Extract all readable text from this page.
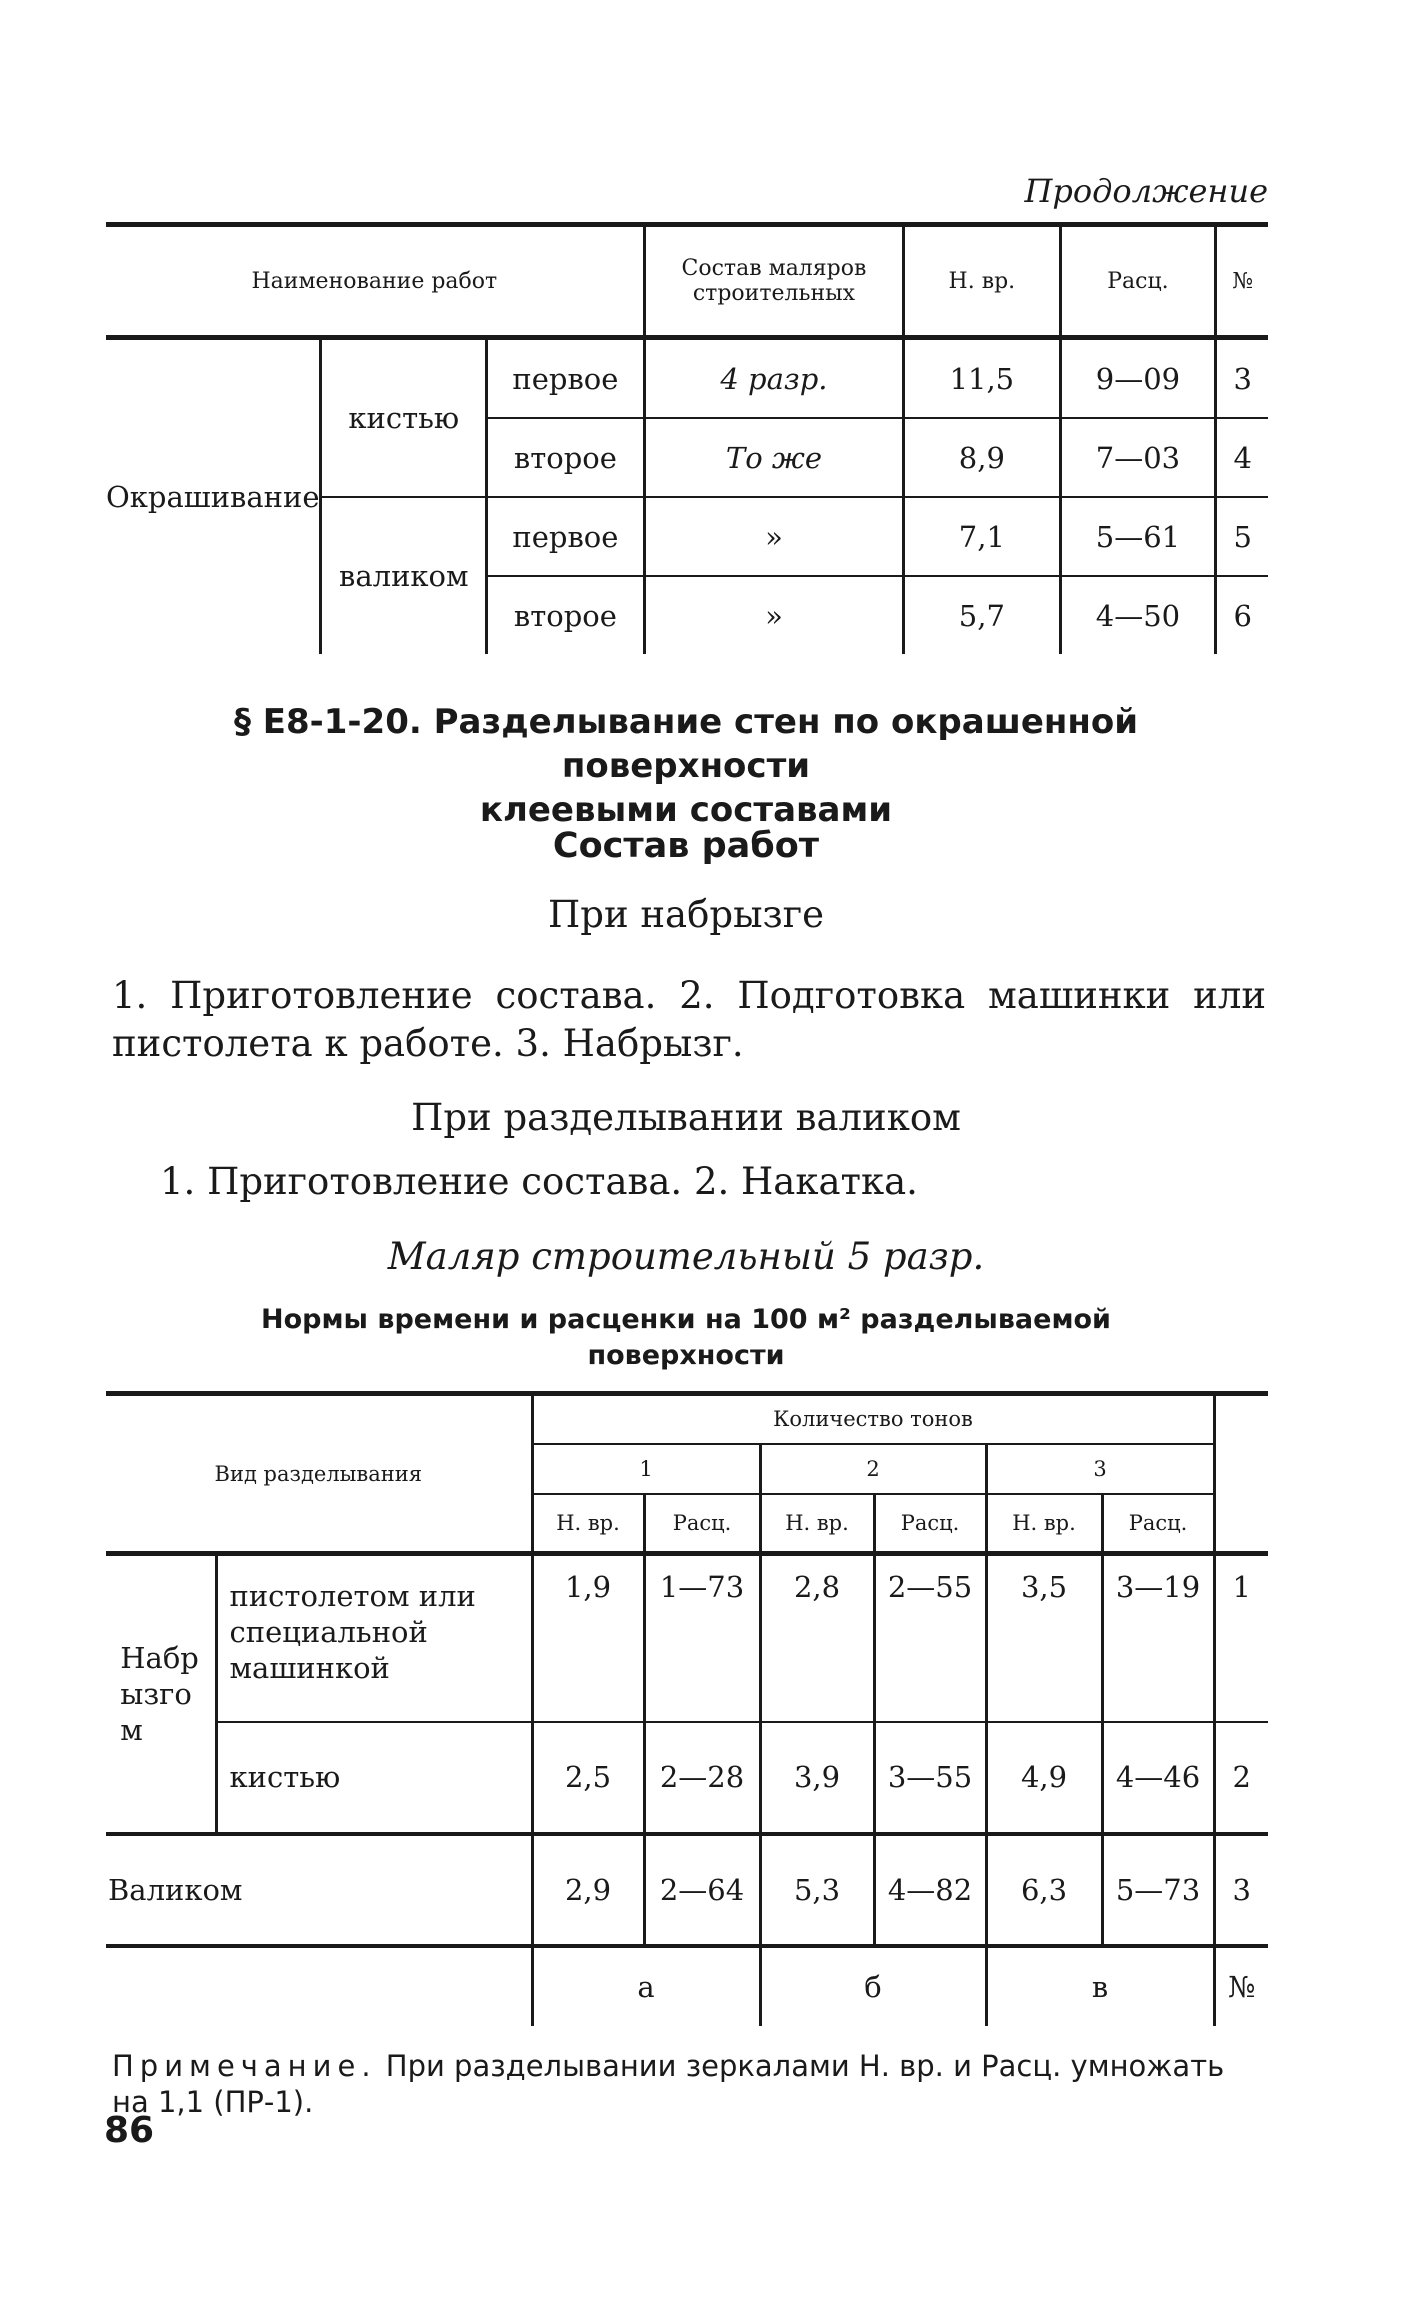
Продолжение
Наименование работ			Состав маляров строительных	Н. вр.	Расц.	№
Окрашивание	кистью	первое	4 разр.	11,5	9—09	3
		второе	То же	8,9	7—03	4
	валиком	первое	»	7,1	5—61	5
		второе	»	5,7	4—50	6
§ Е8-1-20. Разделывание стен по окрашенной поверхности
клеевыми составами
Состав работ
При набрызге
1. Приготовление состава. 2. Подготовка машинки или пистолета к работе. 3. Набрызг.
При разделывании валиком
1. Приготовление состава. 2. Накатка.
Маляр строительный 5 разр.
Нормы времени и расценки на 100 м² разделываемой
поверхности
Вид разделывания		Количество тонов						
		1		2		3		
		Н. вр.	Расц.	Н. вр.	Расц.	Н. вр.	Расц.	

Набрызгом	пистолетом или специальной машинкой	1,9	1—73	2,8	2—55	3,5	3—19	1
	кистью	2,5	2—28	3,9	3—55	4,9	4—46	2
Валиком		2,9	2—64	5,3	4—82	6,3	5—73	3
		а		б		в		№
Примечание. При разделывании зеркалами Н. вр. и Расц. умножать на 1,1 (ПР-1).
86
